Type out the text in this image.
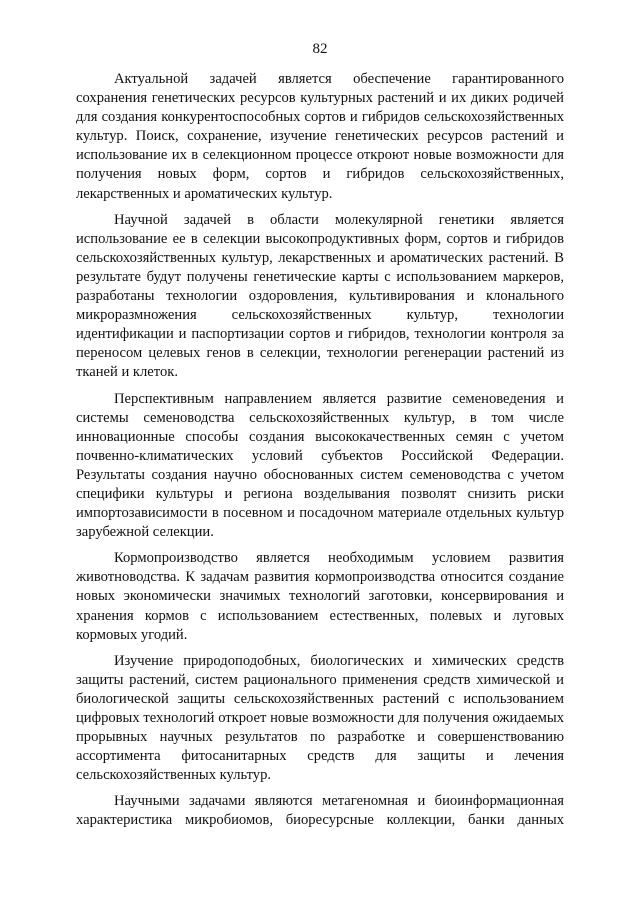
82

Актуальной задачей является обеспечение гарантированного сохранения генетических ресурсов культурных растений и их диких родичей для создания конкурентоспособных сортов и гибридов сельскохозяйственных культур. Поиск, сохранение, изучение генетических ресурсов растений и использование их в селекционном процессе откроют новые возможности для получения новых форм, сортов и гибридов сельскохозяйственных, лекарственных и ароматических культур.

Научной задачей в области молекулярной генетики является использование ее в селекции высокопродуктивных форм, сортов и гибридов сельскохозяйственных культур, лекарственных и ароматических растений. В результате будут получены генетические карты с использованием маркеров, разработаны технологии оздоровления, культивирования и клонального микроразмножения сельскохозяйственных культур, технологии идентификации и паспортизации сортов и гибридов, технологии контроля за переносом целевых генов в селекции, технологии регенерации растений из тканей и клеток.

Перспективным направлением является развитие семеноведения и системы семеноводства сельскохозяйственных культур, в том числе инновационные способы создания высококачественных семян с учетом почвенно-климатических условий субъектов Российской Федерации. Результаты создания научно обоснованных систем семеноводства с учетом специфики культуры и региона возделывания позволят снизить риски импортозависимости в посевном и посадочном материале отдельных культур зарубежной селекции.

Кормопроизводство является необходимым условием развития животноводства. К задачам развития кормопроизводства относится создание новых экономически значимых технологий заготовки, консервирования и хранения кормов с использованием естественных, полевых и луговых кормовых угодий.

Изучение природоподобных, биологических и химических средств защиты растений, систем рационального применения средств химической и биологической защиты сельскохозяйственных растений с использованием цифровых технологий откроет новые возможности для получения ожидаемых прорывных научных результатов по разработке и совершенствованию ассортимента фитосанитарных средств для защиты и лечения сельскохозяйственных культур.

Научными задачами являются метагеномная и биоинформационная характеристика микробиомов, биоресурсные коллекции, банки данных
